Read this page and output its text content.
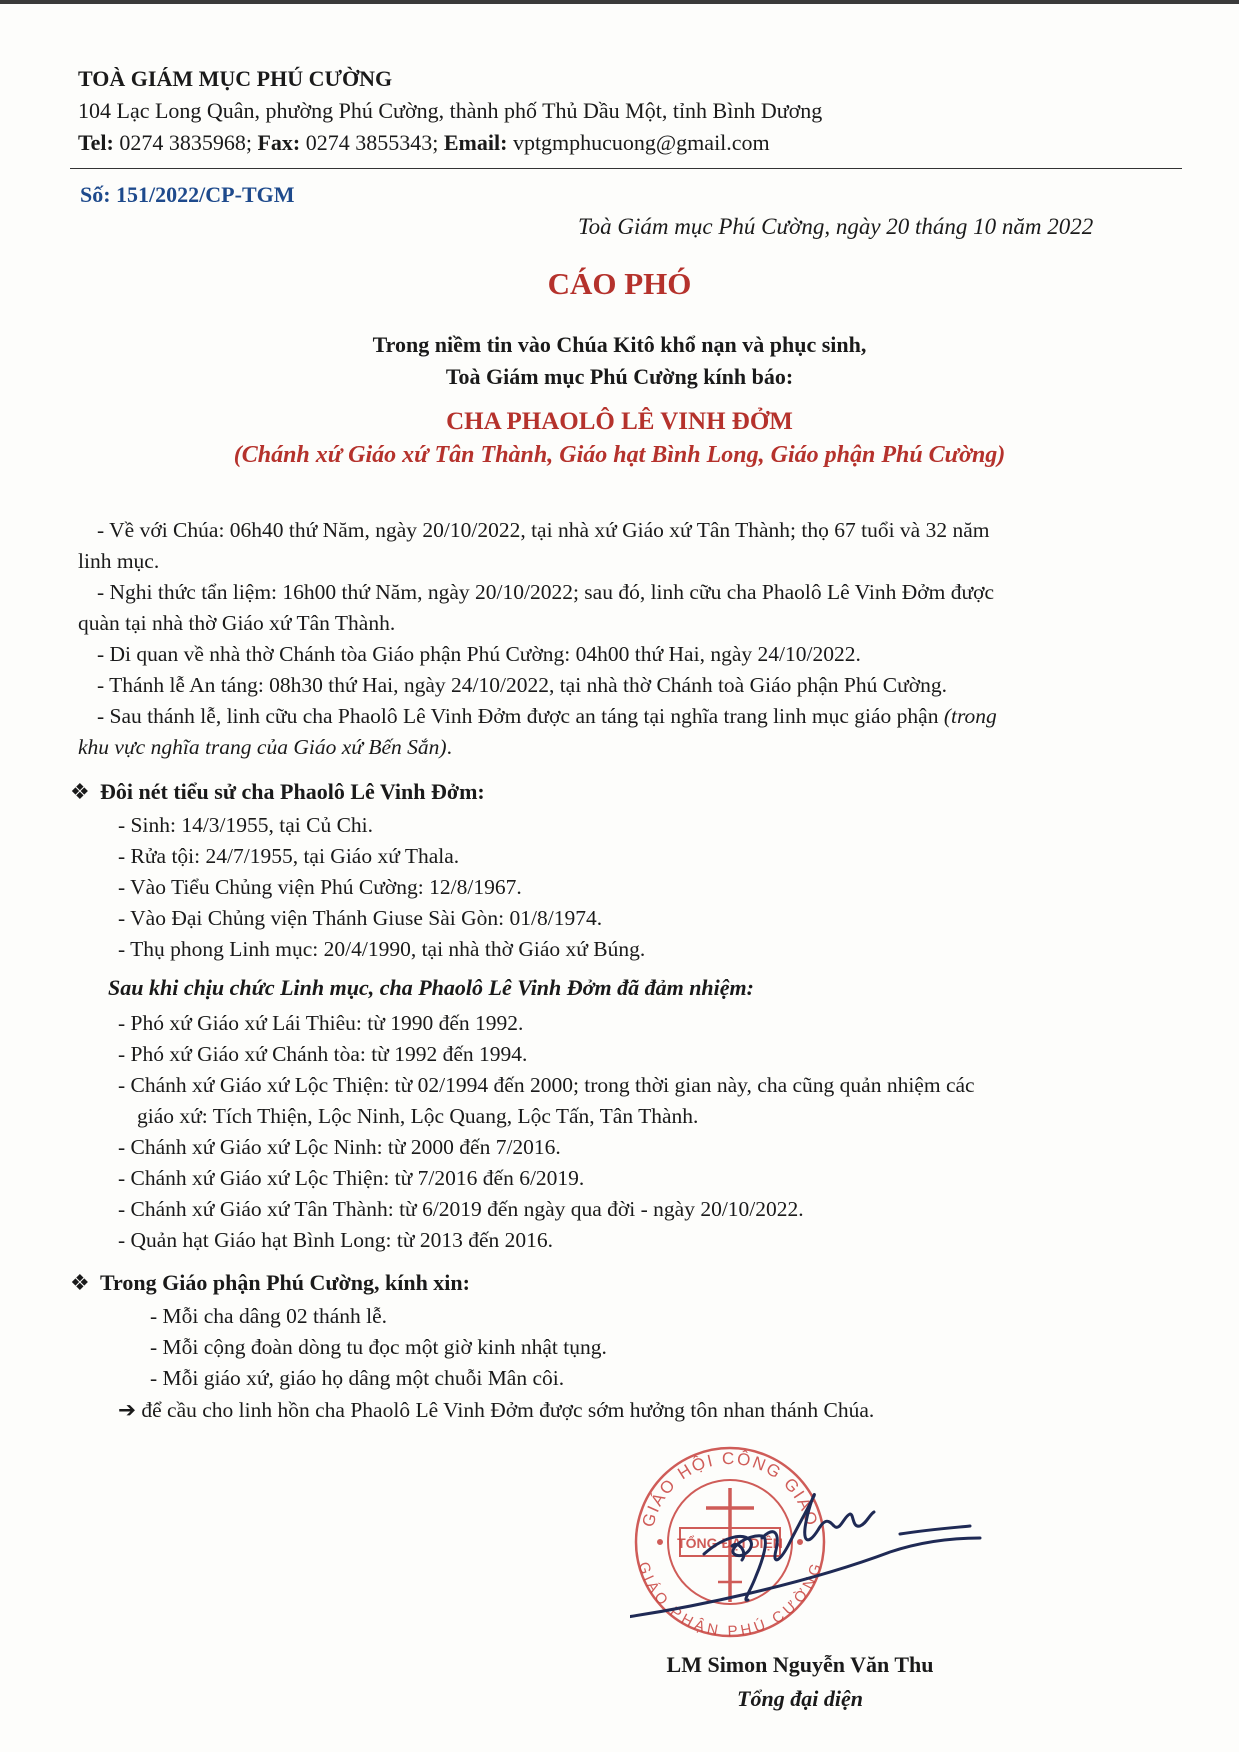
TOÀ GIÁM MỤC PHÚ CƯỜNG
104 Lạc Long Quân, phường Phú Cường, thành phố Thủ Dầu Một, tỉnh Bình Dương
Tel: 0274 3835968; Fax: 0274 3855343; Email: vptgmphucuong@gmail.com
Số: 151/2022/CP-TGM
Toà Giám mục Phú Cường, ngày 20 tháng 10 năm 2022
CÁO PHÓ
Trong niềm tin vào Chúa Kitô khổ nạn và phục sinh,
Toà Giám mục Phú Cường kính báo:
CHA PHAOLÔ LÊ VINH ĐỞM
(Chánh xứ Giáo xứ Tân Thành, Giáo hạt Bình Long, Giáo phận Phú Cường)
- Về với Chúa: 06h40 thứ Năm, ngày 20/10/2022, tại nhà xứ Giáo xứ Tân Thành; thọ 67 tuổi và 32 năm
linh mục.
- Nghi thức tẩn liệm: 16h00 thứ Năm, ngày 20/10/2022; sau đó, linh cữu cha Phaolô Lê Vinh Đởm được
quàn tại nhà thờ Giáo xứ Tân Thành.
- Di quan về nhà thờ Chánh tòa Giáo phận Phú Cường: 04h00 thứ Hai, ngày 24/10/2022.
- Thánh lễ An táng: 08h30 thứ Hai, ngày 24/10/2022, tại nhà thờ Chánh toà Giáo phận Phú Cường.
- Sau thánh lễ, linh cữu cha Phaolô Lê Vinh Đởm được an táng tại nghĩa trang linh mục giáo phận (trong
khu vực nghĩa trang của Giáo xứ Bến Sắn).
❖ Đôi nét tiểu sử cha Phaolô Lê Vinh Đởm:
- Sinh: 14/3/1955, tại Củ Chi.
- Rửa tội: 24/7/1955, tại Giáo xứ Thala.
- Vào Tiểu Chủng viện Phú Cường: 12/8/1967.
- Vào Đại Chủng viện Thánh Giuse Sài Gòn: 01/8/1974.
- Thụ phong Linh mục: 20/4/1990, tại nhà thờ Giáo xứ Búng.
Sau khi chịu chức Linh mục, cha Phaolô Lê Vinh Đởm đã đảm nhiệm:
- Phó xứ Giáo xứ Lái Thiêu: từ 1990 đến 1992.
- Phó xứ Giáo xứ Chánh tòa: từ 1992 đến 1994.
- Chánh xứ Giáo xứ Lộc Thiện: từ 02/1994 đến 2000; trong thời gian này, cha cũng quản nhiệm các
giáo xứ: Tích Thiện, Lộc Ninh, Lộc Quang, Lộc Tấn, Tân Thành.
- Chánh xứ Giáo xứ Lộc Ninh: từ 2000 đến 7/2016.
- Chánh xứ Giáo xứ Lộc Thiện: từ 7/2016 đến 6/2019.
- Chánh xứ Giáo xứ Tân Thành: từ 6/2019 đến ngày qua đời - ngày 20/10/2022.
- Quản hạt Giáo hạt Bình Long: từ 2013 đến 2016.
❖ Trong Giáo phận Phú Cường, kính xin:
- Mỗi cha dâng 02 thánh lễ.
- Mỗi cộng đoàn dòng tu đọc một giờ kinh nhật tụng.
- Mỗi giáo xứ, giáo họ dâng một chuỗi Mân côi.
➔ để cầu cho linh hồn cha Phaolô Lê Vinh Đởm được sớm hưởng tôn nhan thánh Chúa.
GIÁO HỘI CÔNG GIÁO
GIÁO PHẬN PHÚ CƯỜNG
TỔNG ĐẠI DIỆN
LM Simon Nguyễn Văn Thu
Tổng đại diện
